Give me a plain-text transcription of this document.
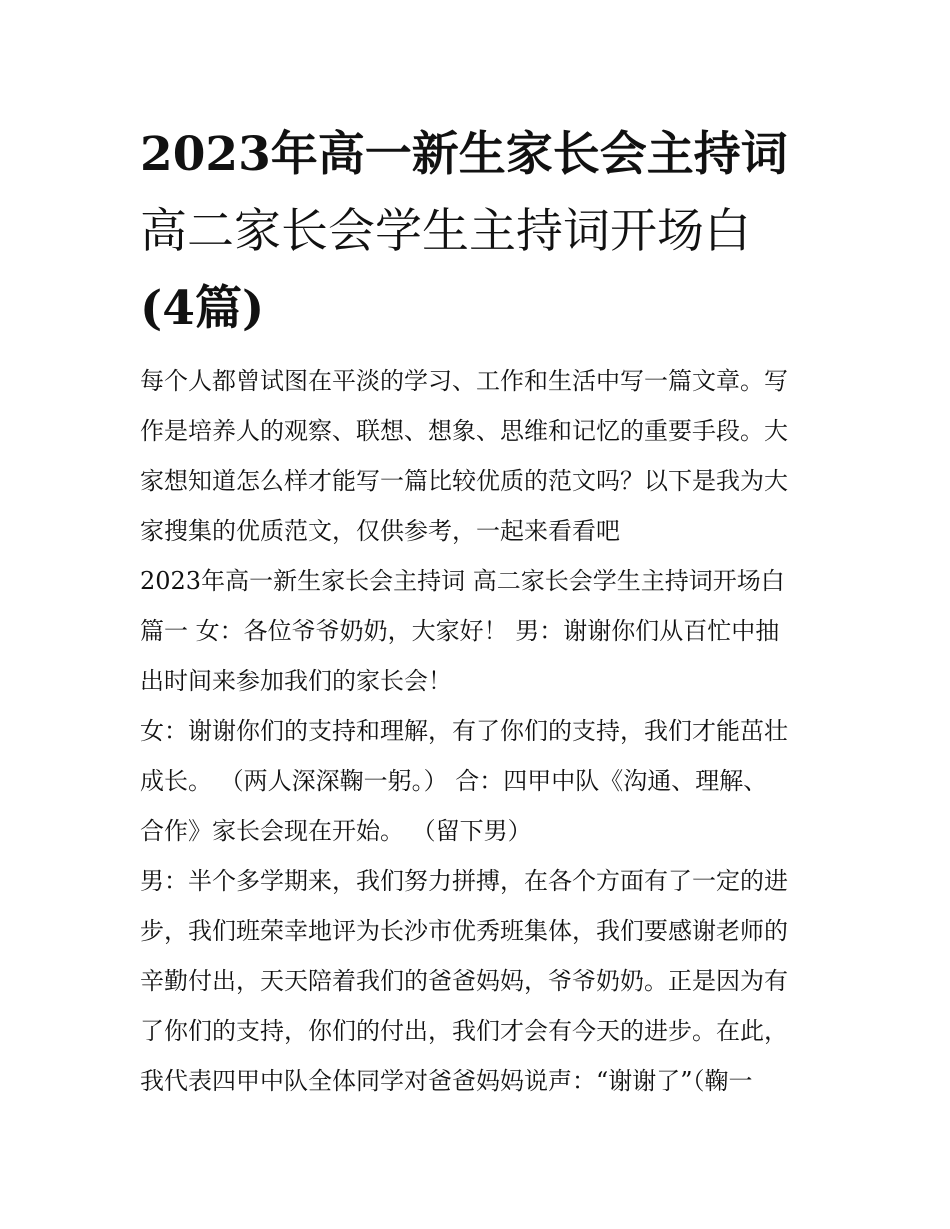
2023年高一新生家长会主持词
高二家长会学生主持词开场白
(4篇)

每个人都曾试图在平淡的学习、工作和生活中写一篇文章。写
作是培养人的观察、联想、想象、思维和记忆的重要手段。大
家想知道怎么样才能写一篇比较优质的范文吗？以下是我为大
家搜集的优质范文，仅供参考，一起来看看吧

2023年高一新生家长会主持词 高二家长会学生主持词开场白
篇一 女：各位爷爷奶奶，大家好！ 男：谢谢你们从百忙中抽
出时间来参加我们的家长会！

女：谢谢你们的支持和理解，有了你们的支持，我们才能茁壮
成长。 （两人深深鞠一躬。） 合：四甲中队《沟通、理解、
合作》家长会现在开始。 （留下男）

男：半个多学期来，我们努力拼搏，在各个方面有了一定的进
步，我们班荣幸地评为长沙市优秀班集体，我们要感谢老师的
辛勤付出，天天陪着我们的爸爸妈妈，爷爷奶奶。正是因为有
了你们的支持，你们的付出，我们才会有今天的进步。在此，
我代表四甲中队全体同学对爸爸妈妈说声：“谢谢了”（鞠一
